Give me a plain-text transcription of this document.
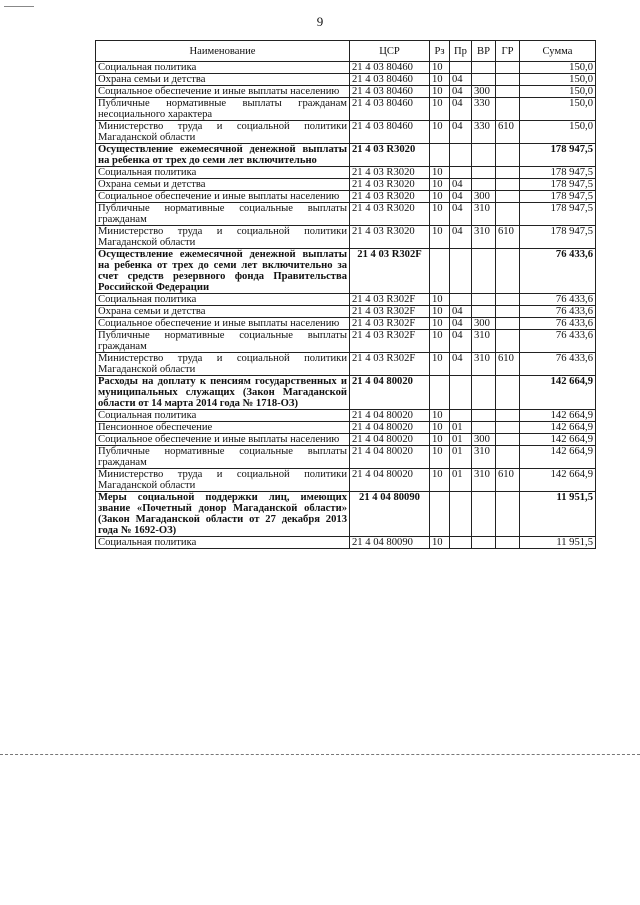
9
Наименование	ЦСР	Рз	Пр	ВР	ГР	Сумма
Социальная политика	21 4 03 80460	10				150,0
Охрана семьи и детства	21 4 03 80460	10	04			150,0
Социальное обеспечение и иные выплаты населению	21 4 03 80460	10	04	300		150,0
Публичные нормативные выплаты гражданам несоциального характера	21 4 03 80460	10	04	330		150,0
Министерство труда и социальной политики Магаданской области	21 4 03 80460	10	04	330	610	150,0
Осуществление ежемесячной денежной выплаты на ребенка от трех до семи лет включительно	21 4 03 R3020					178 947,5
Социальная политика	21 4 03 R3020	10				178 947,5
Охрана семьи и детства	21 4 03 R3020	10	04			178 947,5
Социальное обеспечение и иные выплаты населению	21 4 03 R3020	10	04	300		178 947,5
Публичные нормативные социальные выплаты гражданам	21 4 03 R3020	10	04	310		178 947,5
Министерство труда и социальной политики Магаданской области	21 4 03 R3020	10	04	310	610	178 947,5
Осуществление ежемесячной денежной выплаты на ребенка от трех до семи лет включительно за счет средств резервного фонда Правительства Российской Федерации	21 4 03 R302F					76 433,6
Социальная политика	21 4 03 R302F	10				76 433,6
Охрана семьи и детства	21 4 03 R302F	10	04			76 433,6
Социальное обеспечение и иные выплаты населению	21 4 03 R302F	10	04	300		76 433,6
Публичные нормативные социальные выплаты гражданам	21 4 03 R302F	10	04	310		76 433,6
Министерство труда и социальной политики Магаданской области	21 4 03 R302F	10	04	310	610	76 433,6
Расходы на доплату к пенсиям государственных и муниципальных служащих (Закон Магаданской области от 14 марта 2014 года № 1718-ОЗ)	21 4 04 80020					142 664,9
Социальная политика	21 4 04 80020	10				142 664,9
Пенсионное обеспечение	21 4 04 80020	10	01			142 664,9
Социальное обеспечение и иные выплаты населению	21 4 04 80020	10	01	300		142 664,9
Публичные нормативные социальные выплаты гражданам	21 4 04 80020	10	01	310		142 664,9
Министерство труда и социальной политики Магаданской области	21 4 04 80020	10	01	310	610	142 664,9
Меры социальной поддержки лиц, имеющих звание «Почетный донор Магаданской области» (Закон Магаданской области от 27 декабря 2013 года № 1692-ОЗ)	21 4 04 80090					11 951,5
Социальная политика	21 4 04 80090	10				11 951,5
